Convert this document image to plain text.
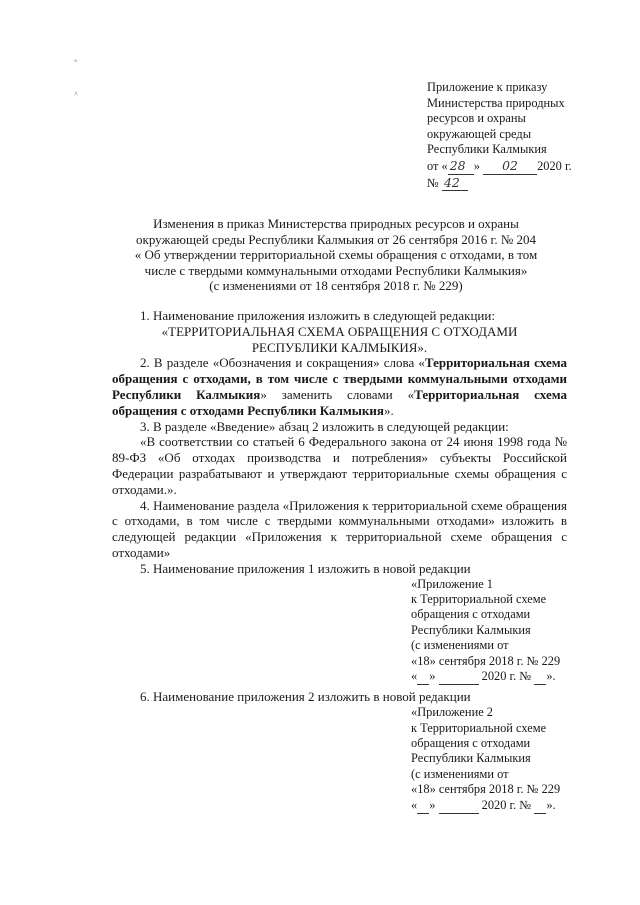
°
^
Приложение к приказу
Министерства природных
ресурсов и охраны
окружающей среды
Республики Калмыкия
от « 28 » 02 2020 г.
№ 42
Изменения в приказ Министерства природных ресурсов и охраны
окружающей среды Республики Калмыкия от 26 сентября 2016 г. № 204
« Об утверждении территориальной схемы обращения с отходами, в том
числе с твердыми коммунальными отходами Республики Калмыкия»
(с изменениями от 18 сентября 2018 г. № 229)

1. Наименование приложения изложить в следующей редакции:

«ТЕРРИТОРИАЛЬНАЯ СХЕМА ОБРАЩЕНИЯ С ОТХОДАМИ

РЕСПУБЛИКИ КАЛМЫКИЯ».

2. В разделе «Обозначения и сокращения» слова «Территориальная схема обращения с отходами, в том числе с твердыми коммунальными отходами Республики Калмыкия» заменить словами «Территориальная схема обращения с отходами Республики Калмыкия».

3. В разделе «Введение» абзац 2 изложить в следующей редакции:

«В соответствии со статьей 6 Федерального закона от 24 июня 1998 года № 89-ФЗ «Об отходах производства и потребления» субъекты Российской Федерации разрабатывают и утверждают территориальные схемы обращения с отходами.».

4. Наименование раздела «Приложения к территориальной схеме обращения с отходами, в том числе с твердыми коммунальными отходами» изложить в следующей редакции «Приложения к территориальной схеме обращения с отходами»

5. Наименование приложения 1 изложить в новой редакции

«Приложение 1
к Территориальной схеме
обращения с отходами
Республики Калмыкия
(с изменениями от
«18» сентября 2018 г. № 229
« »	2020 г. № ».

6. Наименование приложения 2 изложить в новой редакции

«Приложение 2
к Территориальной схеме
обращения с отходами
Республики Калмыкия
(с изменениями от
«18» сентября 2018 г. № 229
« »	2020 г. № ».
